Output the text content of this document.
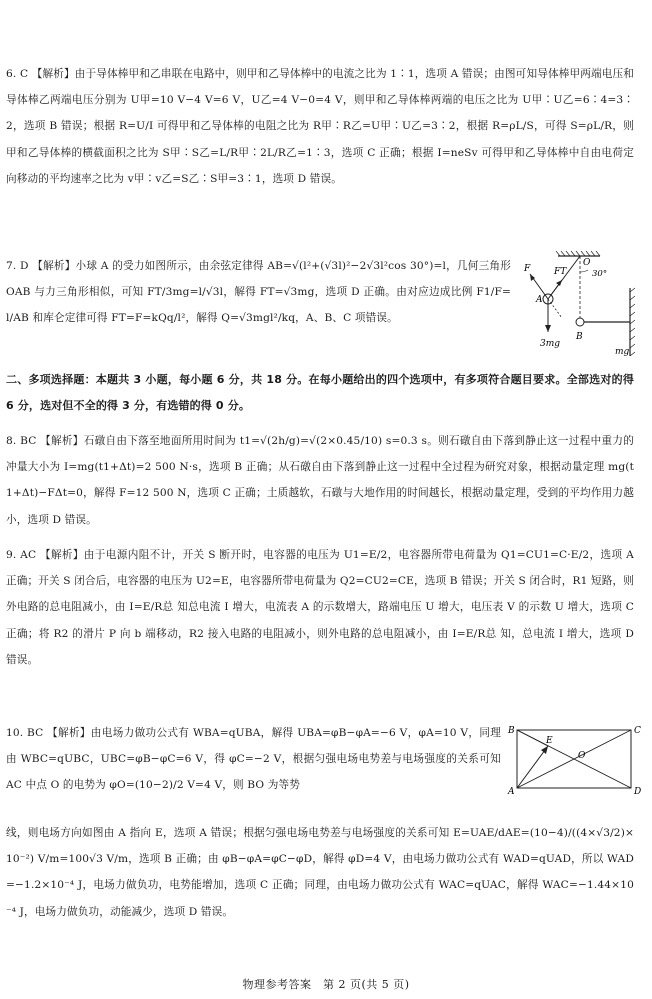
6. C 【解析】由于导体棒甲和乙串联在电路中，则甲和乙导体棒中的电流之比为 1∶1，选项 A 错误；由图可知导体棒甲两端电压和导体棒乙两端电压分别为 U甲=10 V−4 V=6 V，U乙=4 V−0=4 V，则甲和乙导体棒两端的电压之比为 U甲∶U乙=6∶4=3∶2，选项 B 错误；根据 R=U/I 可得甲和乙导体棒的电阻之比为 R甲∶R乙=U甲∶U乙=3∶2，根据 R=ρL/S，可得 S=ρL/R，则甲和乙导体棒的横截面积之比为 S甲∶S乙=L/R甲∶2L/R乙=1∶3，选项 C 正确；根据 I=neSv 可得甲和乙导体棒中自由电荷定向移动的平均速率之比为 v甲∶v乙=S乙∶S甲=3∶1，选项 D 错误。
7. D 【解析】小球 A 的受力如图所示，由余弦定律得 AB=√(l²+(√3l)²−2√3l²cos 30°)=l，几何三角形 OAB 与力三角形相似，可知 FT/3mg=l/√3l，解得 FT=√3mg，选项 D 正确。由对应边成比例 F1/F=l/AB 和库仑定律可得 FT=F=kQq/l²，解得 Q=√3mgl²/kq，A、B、C 项错误。
F	FT
O
30°
A
B
3mg
mg
二、多项选择题：本题共 3 小题，每小题 6 分，共 18 分。在每小题给出的四个选项中，有多项符合题目要求。全部选对的得 6 分，选对但不全的得 3 分，有选错的得 0 分。
8. BC 【解析】石礅自由下落至地面所用时间为 t1=√(2h/g)=√(2×0.45/10) s=0.3 s。则石礅自由下落到静止这一过程中重力的冲量大小为 I=mg(t1+Δt)=2 500 N·s，选项 B 正确；从石礅自由下落到静止这一过程中全过程为研究对象，根据动量定理 mg(t1+Δt)−FΔt=0，解得 F=12 500 N，选项 C 正确；土质越软，石礅与大地作用的时间越长，根据动量定理，受到的平均作用力越小，选项 D 错误。
9. AC 【解析】由于电源内阻不计，开关 S 断开时，电容器的电压为 U1=E/2，电容器所带电荷量为 Q1=CU1=C·E/2，选项 A 正确；开关 S 闭合后，电容器的电压为 U2=E，电容器所带电荷量为 Q2=CU2=CE，选项 B 错误；开关 S 闭合时，R1 短路，则外电路的总电阻减小，由 I=E/R总 知总电流 I 增大，电流表 A 的示数增大，路端电压 U 增大，电压表 V 的示数 U 增大，选项 C 正确；将 R2 的滑片 P 向 b 端移动，R2 接入电路的电阻减小，则外电路的总电阻减小，由 I=E/R总 知，总电流 I 增大，选项 D 错误。
10. BC 【解析】由电场力做功公式有 WBA=qUBA，解得 UBA=φB−φA=−6 V，φA=10 V，同理由 WBC=qUBC，UBC=φB−φC=6 V，得 φC=−2 V，根据匀强电场电势差与电场强度的关系可知 AC 中点 O 的电势为 φO=(10−2)/2 V=4 V，则 BO 为等势
线，则电场方向如图由 A 指向 E，选项 A 错误；根据匀强电场电势差与电场强度的关系可知 E=UAE/dAE=(10−4)/((4×√3/2)×10⁻²) V/m=100√3 V/m，选项 B 正确；由 φB−φA=φC−φD，解得 φD=4 V，由电场力做功公式有 WAD=qUAD，所以 WAD=−1.2×10⁻⁴ J，电场力做负功，电势能增加，选项 C 正确；同理，由电场力做功公式有 WAC=qUAC，解得 WAC=−1.44×10⁻⁴ J，电场力做负功，动能减少，选项 D 错误。
B	C
A	D
E
O
物理参考答案　第 2 页(共 5 页)
